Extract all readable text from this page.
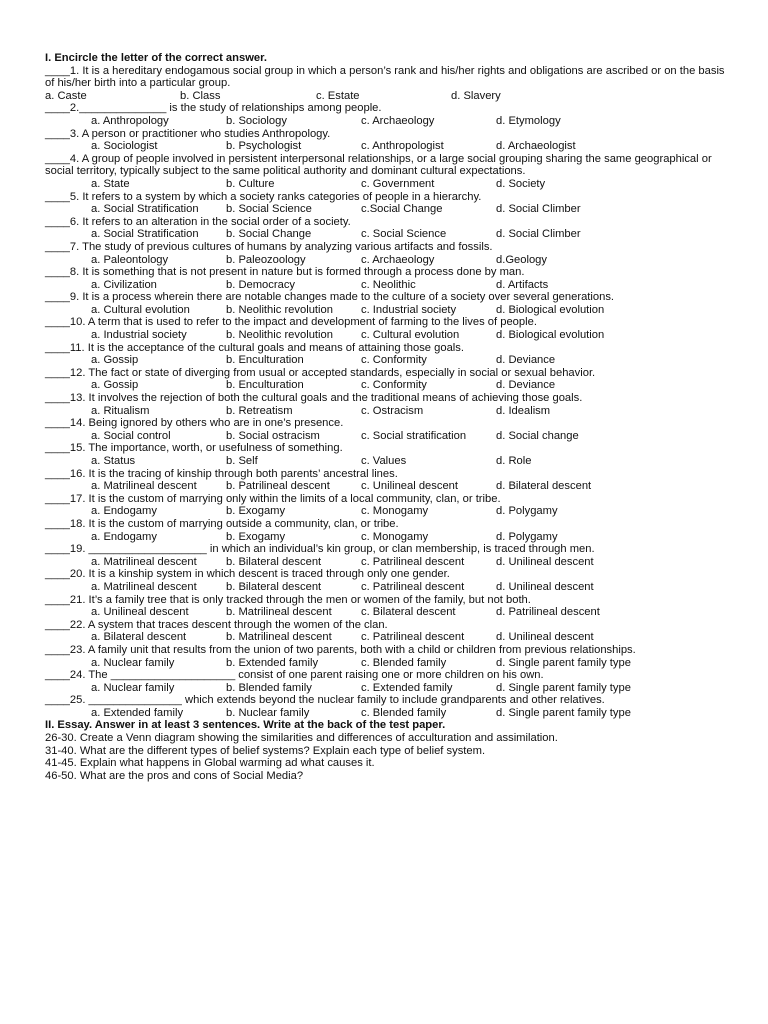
I. Encircle the letter of the correct answer.
____1. It is a hereditary endogamous social group in which a person’s rank and his/her rights and obligations are ascribed or on the basis of his/her birth into a particular group.
a. Caste	b. Class	c. Estate	d. Slavery
____2.______________ is the study of relationships among people.
a. Anthropology	b. Sociology	c. Archaeology	d. Etymology
____3. A person or practitioner who studies Anthropology.
a. Sociologist	b. Psychologist	c. Anthropologist	d. Archaeologist
____4. A group of people involved in persistent interpersonal relationships, or a large social grouping sharing the same geographical or social territory, typically subject to the same political authority and dominant cultural expectations.
a. State	b. Culture	c. Government	d. Society
____5. It refers to a system by which a society ranks categories of people in a hierarchy.
a. Social Stratification b. Social Science	c.Social Change	d. Social Climber
____6. It refers to an alteration in the social order of a society.
a. Social Stratification b. Social Change	c. Social Science	d. Social Climber
____7. The study of previous cultures of humans by analyzing various artifacts and fossils.
a. Paleontology	b. Paleozoology	c. Archaeology	d.Geology
____8. It is something that is not present in nature but is formed through a process done by man.
a. Civilization	b. Democracy	c. Neolithic	d. Artifacts
____9. It is a process wherein there are notable changes made to the culture of a society over several generations.
a. Cultural evolution	b. Neolithic revolution	c. Industrial society	d. Biological evolution
____10. A term that is used to refer to the impact and development of farming to the lives of people.
a. Industrial society	b. Neolithic revolution	c. Cultural evolution	d. Biological evolution
____11. It is the acceptance of the cultural goals and means of attaining those goals.
a. Gossip	b. Enculturation	c. Conformity	d. Deviance
____12. The fact or state of diverging from usual or accepted standards, especially in social or sexual behavior.
a. Gossip	b. Enculturation	c. Conformity	d. Deviance
____13. It involves the rejection of both the cultural goals and the traditional means of achieving those goals.
a. Ritualism	b. Retreatism	c. Ostracism	d. Idealism
____14. Being ignored by others who are in one’s presence.
a. Social control	b. Social ostracism	c. Social stratification	d. Social change
____15. The importance, worth, or usefulness of something.
a. Status	b. Self	c. Values	d. Role
____16. It is the tracing of kinship through both parents’ ancestral lines.
a. Matrilineal descent	b. Patrilineal descent	c. Unilineal descent	d. Bilateral descent
____17. It is the custom of marrying only within the limits of a local community, clan, or tribe.
a. Endogamy	b. Exogamy	c. Monogamy	d. Polygamy
____18. It is the custom of marrying outside a community, clan, or tribe.
a. Endogamy	b. Exogamy	c. Monogamy	d. Polygamy
____19. ___________________ in which an individual’s kin group, or clan membership, is traced through men.
a. Matrilineal descent	b. Bilateral descent	c. Patrilineal descent	d. Unilineal descent
____20. It is a kinship system in which descent is traced through only one gender.
a. Matrilineal descent	b. Bilateral descent	c. Patrilineal descent	d. Unilineal descent
____21. It’s a family tree that is only tracked through the men or women of the family, but not both.
a. Unilineal descent	b. Matrilineal descent	c. Bilateral descent	d. Patrilineal descent
____22. A system that traces descent through the women of the clan.
a. Bilateral descent	b. Matrilineal descent	c. Patrilineal descent	d. Unilineal descent
____23. A family unit that results from the union of two parents, both with a child or children from previous relationships.
a. Nuclear family	b. Extended family	c. Blended family	d. Single parent family type
____24. The ____________________ consist of one parent raising one or more children on his own.
a. Nuclear family	b. Blended family	c. Extended family	d. Single parent family type
____25. _______________ which extends beyond the nuclear family to include grandparents and other relatives.
a. Extended family	b. Nuclear family	c. Blended family	d. Single parent family type
II. Essay. Answer in at least 3 sentences. Write at the back of the test paper.
26-30. Create a Venn diagram showing the similarities and differences of acculturation and assimilation.
31-40. What are the different types of belief systems? Explain each type of belief system.
41-45. Explain what happens in Global warming ad what causes it.
46-50. What are the pros and cons of Social Media?
